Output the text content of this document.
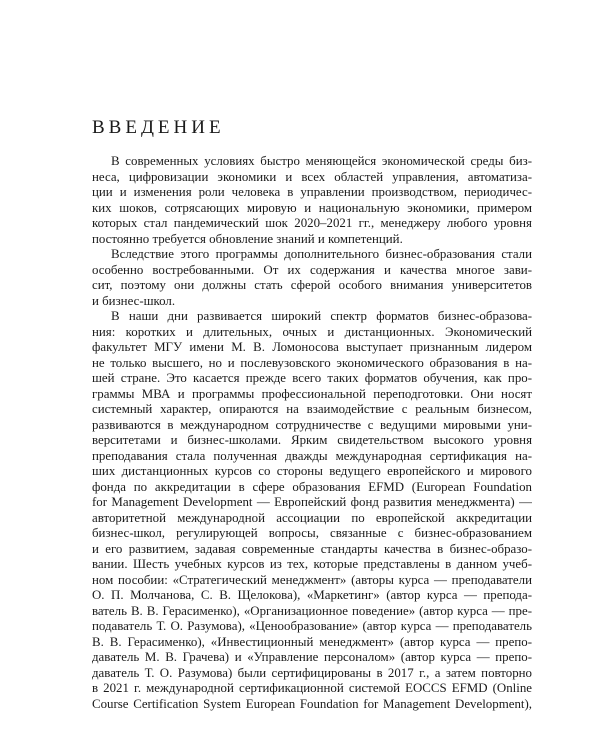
ВВЕДЕНИЕ
В современных условиях быстро меняющейся экономической среды биз-
неса, цифровизации экономики и всех областей управления, автоматиза-
ции и изменения роли человека в управлении производством, периодичес-
ких шоков, сотрясающих мировую и национальную экономики, примером
которых стал пандемический шок 2020–2021 гг., менеджеру любого уровня
постоянно требуется обновление знаний и компетенций.
Вследствие этого программы дополнительного бизнес-образования стали
особенно востребованными. От их содержания и качества многое зави-
сит, поэтому они должны стать сферой особого внимания университетов
и бизнес-школ.
В наши дни развивается широкий спектр форматов бизнес-образова-
ния: коротких и длительных, очных и дистанционных. Экономический
факультет МГУ имени М. В. Ломоносова выступает признанным лидером
не только высшего, но и послевузовского экономического образования в на-
шей стране. Это касается прежде всего таких форматов обучения, как про-
граммы МВА и программы профессиональной переподготовки. Они носят
системный характер, опираются на взаимодействие с реальным бизнесом,
развиваются в международном сотрудничестве с ведущими мировыми уни-
верситетами и бизнес-школами. Ярким свидетельством высокого уровня
преподавания стала полученная дважды международная сертификация на-
ших дистанционных курсов со стороны ведущего европейского и мирового
фонда по аккредитации в сфере образования EFMD (European Foundation
for Management Development — Европейский фонд развития менеджмента) —
авторитетной международной ассоциации по европейской аккредитации
бизнес-школ, регулирующей вопросы, связанные с бизнес-образованием
и его развитием, задавая современные стандарты качества в бизнес-образо-
вании. Шесть учебных курсов из тех, которые представлены в данном учеб-
ном пособии: «Стратегический менеджмент» (авторы курса — преподаватели
О. П. Молчанова, С. В. Щелокова), «Маркетинг» (автор курса — препода-
ватель В. В. Герасименко), «Организационное поведение» (автор курса — пре-
подаватель Т. О. Разумова), «Ценообразование» (автор курса — преподаватель
В. В. Герасименко), «Инвестиционный менеджмент» (автор курса — препо-
даватель М. В. Грачева) и «Управление персоналом» (автор курса — препо-
даватель Т. О. Разумова) были сертифицированы в 2017 г., а затем повторно
в 2021 г. международной сертификационной системой EOCCS EFMD (Online
Course Certification System European Foundation for Management Development),
